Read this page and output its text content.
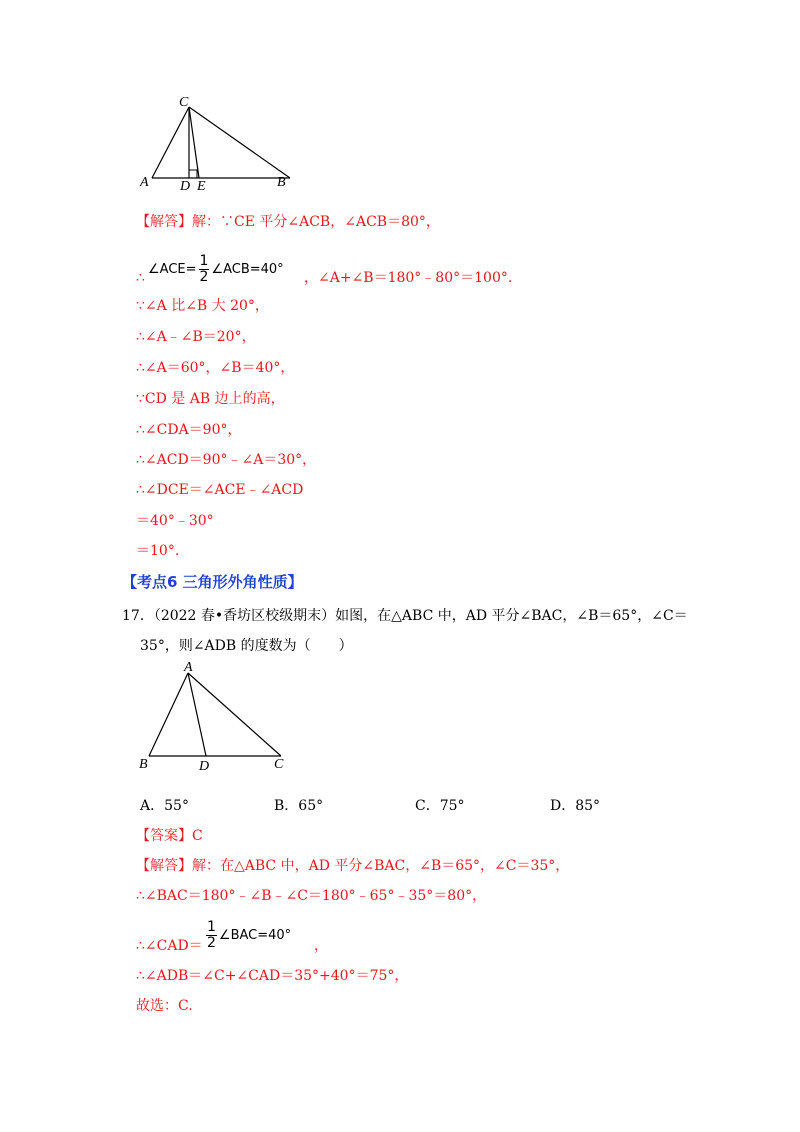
C
A D E	B
【解答】解：∵CE 平分∠ACB，∠ACB＝80°，
∴
∠ACE= $\frac{1}{2}$ ∠ACB=40°
，∠A+∠B＝180°﹣80°＝100°.
∵∠A 比∠B 大 20°，
∴∠A﹣∠B＝20°，
∴∠A＝60°，∠B＝40°，
∵CD 是 AB 边上的高，
∴∠CDA＝90°，
∴∠ACD＝90°﹣∠A＝30°，
∴∠DCE＝∠ACE﹣∠ACD
＝40°﹣30°
＝10°.
【考点6 三角形外角性质】
17．（2022 春•香坊区校级期末）如图，在△ABC 中，AD 平分∠BAC，∠B＝65°，∠C＝
35°，则∠ADB 的度数为（　　）
A
B	D	C
A．55°	B．65°	C．75°	D．85°
【答案】C
【解答】解：在△ABC 中，AD 平分∠BAC，∠B＝65°，∠C＝35°，
∴∠BAC＝180°﹣∠B﹣∠C＝180°﹣65°﹣35°＝80°，
∴∠CAD＝ $\frac{1}{2}$ ∠BAC=40°
，
∴∠ADB＝∠C+∠CAD＝35°+40°＝75°，
故选：C.
